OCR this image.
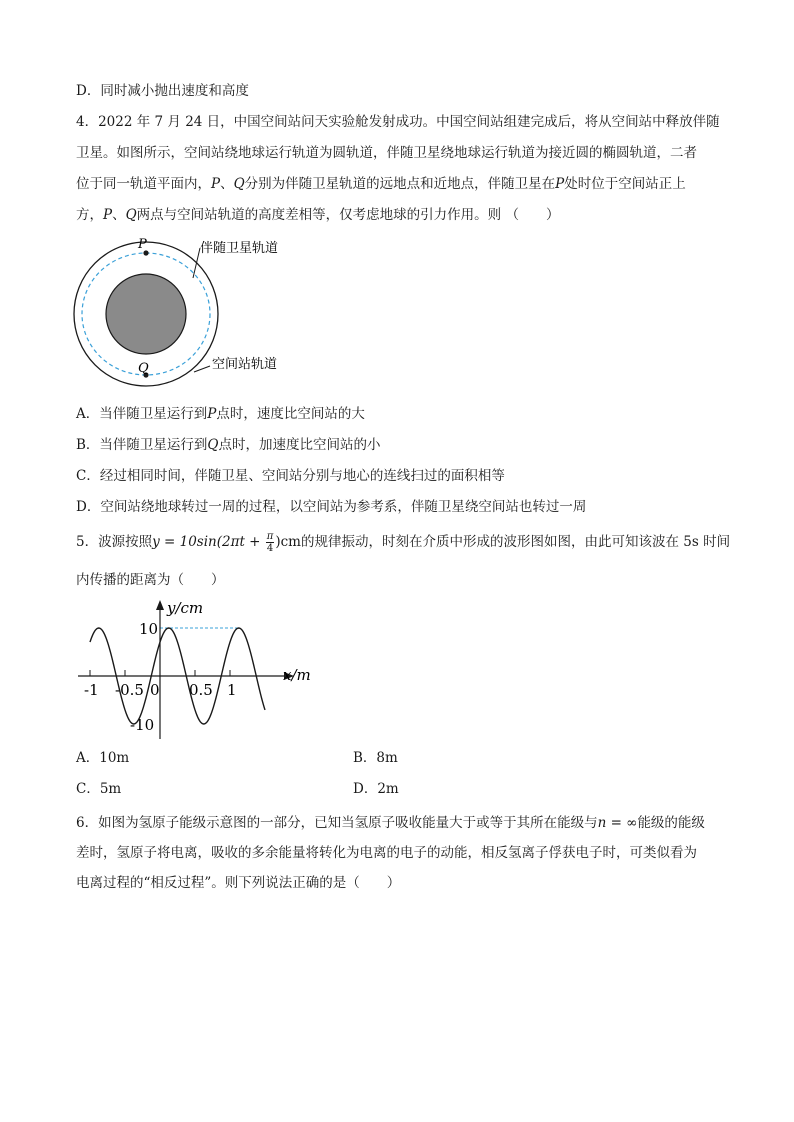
D．同时减小抛出速度和高度
4．2022 年 7 月 24 日，中国空间站问天实验舱发射成功。中国空间站组建完成后，将从空间站中释放伴随
卫星。如图所示，空间站绕地球运行轨道为圆轨道，伴随卫星绕地球运行轨道为接近圆的椭圆轨道，二者
位于同一轨道平面内，P、Q分别为伴随卫星轨道的远地点和近地点，伴随卫星在P处时位于空间站正上
方，P、Q两点与空间站轨道的高度差相等，仅考虑地球的引力作用。则 （　　）
P
Q
伴随卫星轨道
空间站轨道
A．当伴随卫星运行到P点时，速度比空间站的大
B．当伴随卫星运行到Q点时，加速度比空间站的小
C．经过相同时间，伴随卫星、空间站分别与地心的连线扫过的面积相等
D．空间站绕地球转过一周的过程，以空间站为参考系，伴随卫星绕空间站也转过一周
5．波源按照$y = 10\sin(2\pi t + \frac{\pi}{4} )cm$的规律振动，时刻在介质中形成的波形图如图，由此可知该波在 5s 时间
内传播的距离为（　　）
y/cm
x/m
-1 -0.5 0 0.5 1
10
-10
A．10m	B．8m
C．5m	D．2m
6．如图为氢原子能级示意图的一部分，已知当氢原子吸收能量大于或等于其所在能级与n = ∞能级的能级
差时，氢原子将电离，吸收的多余能量将转化为电离的电子的动能，相反氢离子俘获电子时，可类似看为
电离过程的“相反过程”。则下列说法正确的是（　　）
